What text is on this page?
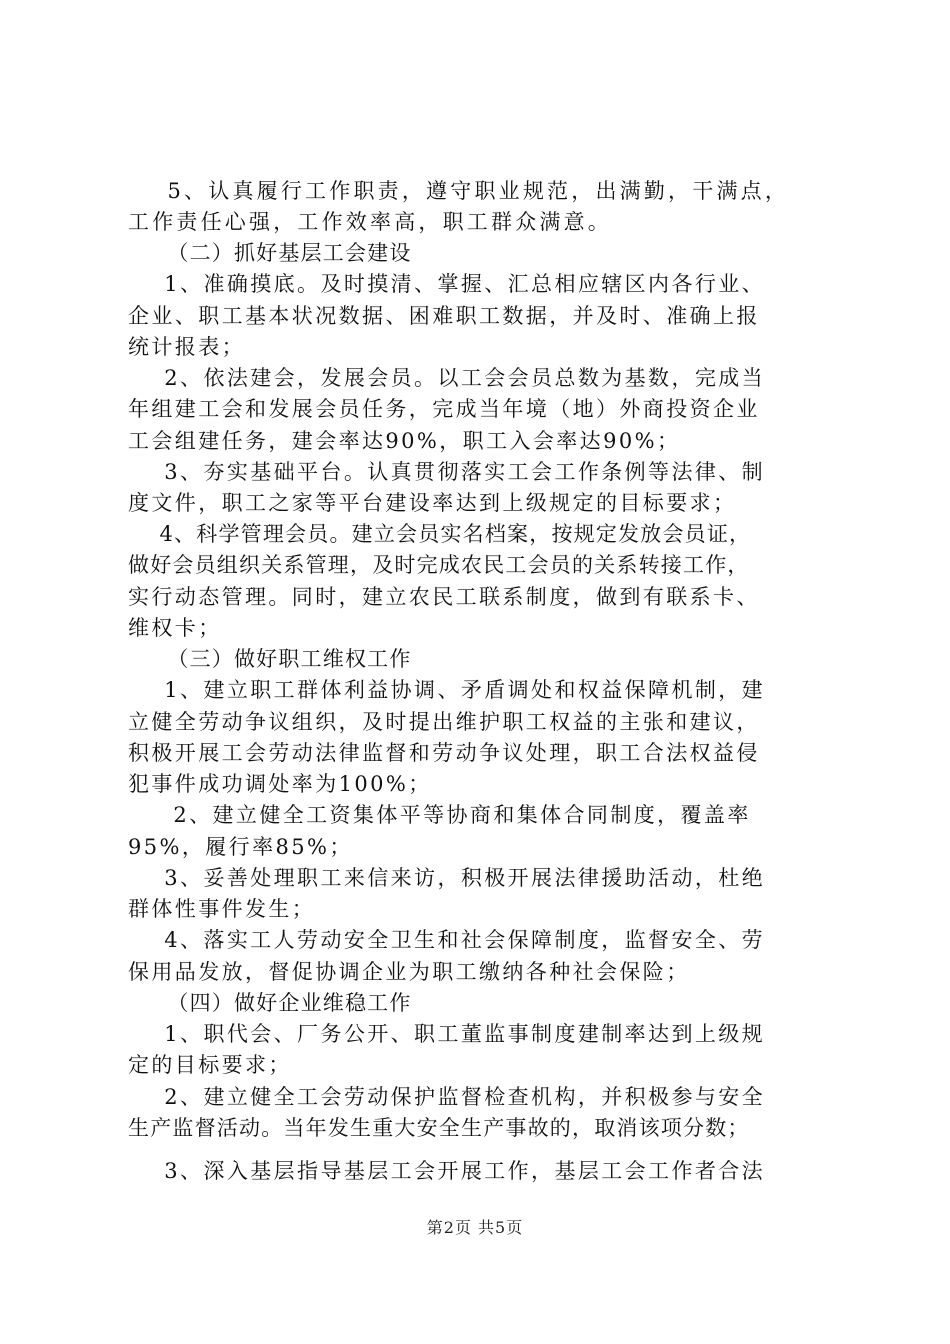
5、认真履行工作职责，遵守职业规范，出满勤，干满点，
工作责任心强，工作效率高，职工群众满意。
（二）抓好基层工会建设
1、准确摸底。及时摸清、掌握、汇总相应辖区内各行业、
企业、职工基本状况数据、困难职工数据，并及时、准确上报
统计报表；
2、依法建会，发展会员。以工会会员总数为基数，完成当
年组建工会和发展会员任务，完成当年境（地）外商投资企业
工会组建任务，建会率达90%，职工入会率达90%；
3、夯实基础平台。认真贯彻落实工会工作条例等法律、制
度文件，职工之家等平台建设率达到上级规定的目标要求；
4、科学管理会员。建立会员实名档案，按规定发放会员证，
做好会员组织关系管理，及时完成农民工会员的关系转接工作，
实行动态管理。同时，建立农民工联系制度，做到有联系卡、
维权卡；
（三）做好职工维权工作
1、建立职工群体利益协调、矛盾调处和权益保障机制，建
立健全劳动争议组织，及时提出维护职工权益的主张和建议，
积极开展工会劳动法律监督和劳动争议处理，职工合法权益侵
犯事件成功调处率为100%；
2、建立健全工资集体平等协商和集体合同制度，覆盖率
95%，履行率85%；
3、妥善处理职工来信来访，积极开展法律援助活动，杜绝
群体性事件发生；
4、落实工人劳动安全卫生和社会保障制度，监督安全、劳
保用品发放，督促协调企业为职工缴纳各种社会保险；
（四）做好企业维稳工作
1、职代会、厂务公开、职工董监事制度建制率达到上级规
定的目标要求；
2、建立健全工会劳动保护监督检查机构，并积极参与安全
生产监督活动。当年发生重大安全生产事故的，取消该项分数；
3、深入基层指导基层工会开展工作，基层工会工作者合法
第2页 共5页
